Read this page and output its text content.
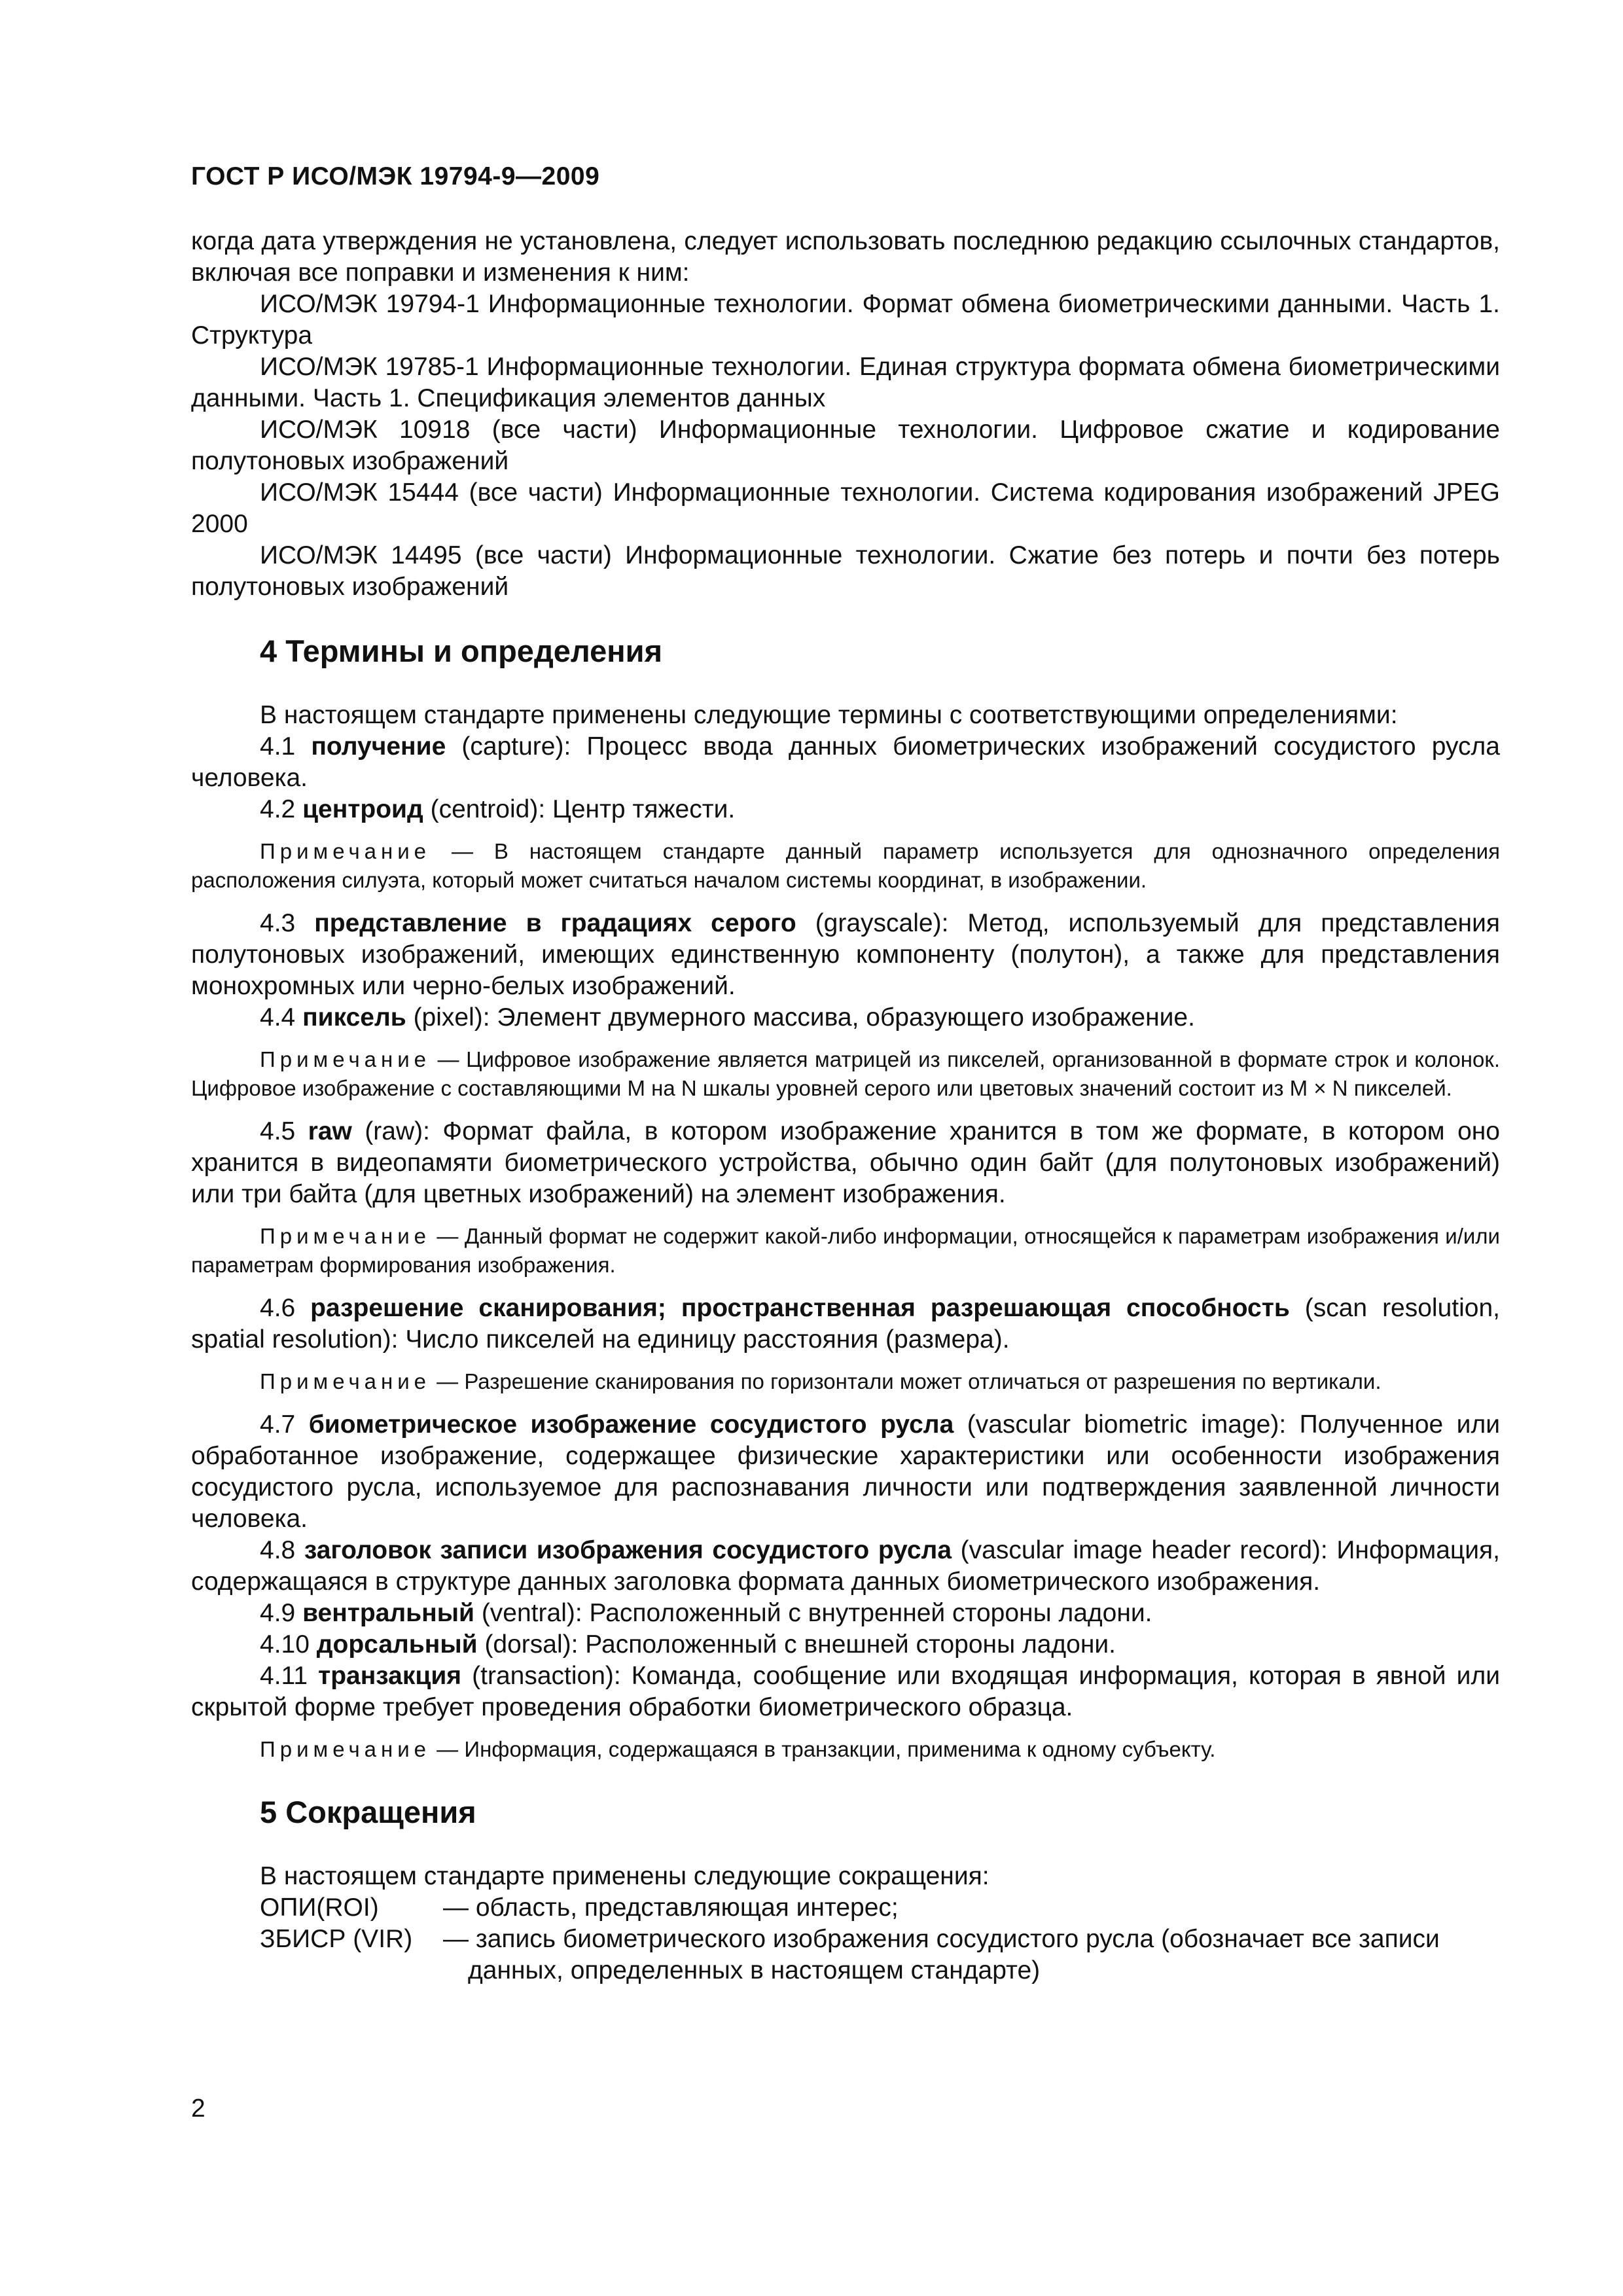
ГОСТ Р ИСО/МЭК 19794-9—2009

когда дата утверждения не установлена, следует использовать последнюю редакцию ссылочных стандартов, включая все поправки и изменения к ним:

ИСО/МЭК 19794-1 Информационные технологии. Формат обмена биометрическими данными. Часть 1. Структура

ИСО/МЭК 19785-1 Информационные технологии. Единая структура формата обмена биометрическими данными. Часть 1. Спецификация элементов данных

ИСО/МЭК 10918 (все части) Информационные технологии. Цифровое сжатие и кодирование полутоновых изображений

ИСО/МЭК 15444 (все части) Информационные технологии. Система кодирования изображений JPEG 2000

ИСО/МЭК 14495 (все части) Информационные технологии. Сжатие без потерь и почти без потерь полутоновых изображений

4 Термины и определения

В настоящем стандарте применены следующие термины с соответствующими определениями:

4.1 получение (capture): Процесс ввода данных биометрических изображений сосудистого русла человека.

4.2 центроид (centroid): Центр тяжести.

Примечание — В настоящем стандарте данный параметр используется для однозначного определения расположения силуэта, который может считаться началом системы координат, в изображении.

4.3 представление в градациях серого (grayscale): Метод, используемый для представления полутоновых изображений, имеющих единственную компоненту (полутон), а также для представления монохромных или черно-белых изображений.

4.4 пиксель (pixel): Элемент двумерного массива, образующего изображение.

Примечание — Цифровое изображение является матрицей из пикселей, организованной в формате строк и колонок. Цифровое изображение с составляющими M на N шкалы уровней серого или цветовых значений состоит из M × N пикселей.

4.5 raw (raw): Формат файла, в котором изображение хранится в том же формате, в котором оно хранится в видеопамяти биометрического устройства, обычно один байт (для полутоновых изображений) или три байта (для цветных изображений) на элемент изображения.

Примечание — Данный формат не содержит какой-либо информации, относящейся к параметрам изображения и/или параметрам формирования изображения.

4.6 разрешение сканирования; пространственная разрешающая способность (scan resolution, spatial resolution): Число пикселей на единицу расстояния (размера).

Примечание — Разрешение сканирования по горизонтали может отличаться от разрешения по вертикали.

4.7 биометрическое изображение сосудистого русла (vascular biometric image): Полученное или обработанное изображение, содержащее физические характеристики или особенности изображения сосудистого русла, используемое для распознавания личности или подтверждения заявленной личности человека.

4.8 заголовок записи изображения сосудистого русла (vascular image header record): Информация, содержащаяся в структуре данных заголовка формата данных биометрического изображения.

4.9 вентральный (ventral): Расположенный с внутренней стороны ладони.

4.10 дорсальный (dorsal): Расположенный с внешней стороны ладони.

4.11 транзакция (transaction): Команда, сообщение или входящая информация, которая в явной или скрытой форме требует проведения обработки биометрического образца.

Примечание — Информация, содержащаяся в транзакции, применима к одному субъекту.

5 Сокращения

В настоящем стандарте применены следующие сокращения:

ОПИ(ROI)	— область, представляющая интерес;
ЗБИСР (VIR)	— запись биометрического изображения сосудистого русла (обозначает все записи
данных, определенных в настоящем стандарте)
2
